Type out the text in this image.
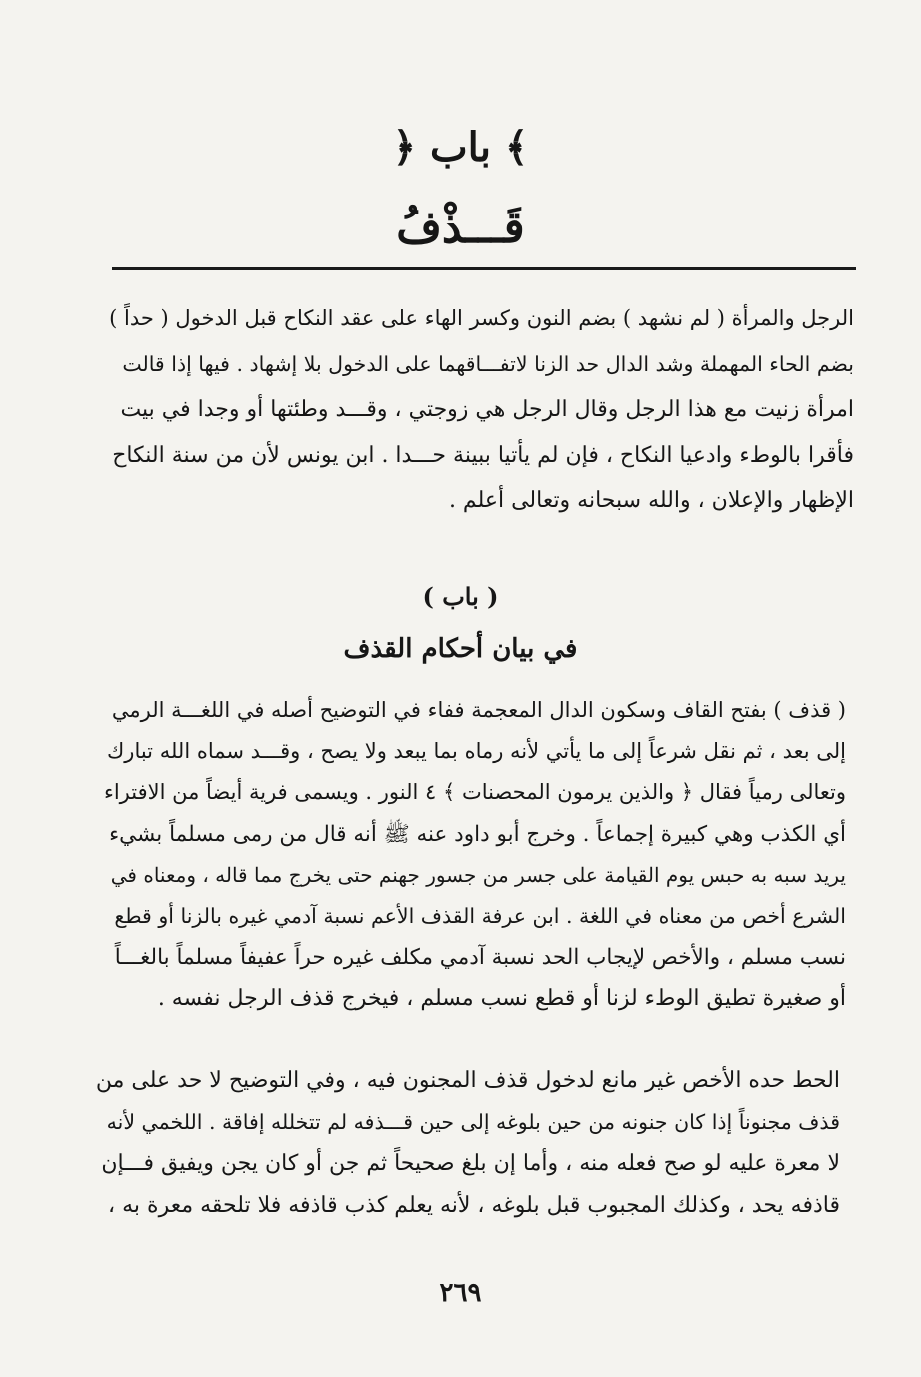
﴿ باب ﴾
قَـــذْفُ

الرجل والمرأة ( لم نشهد ) بضم النون وكسر الهاء على عقد النكاح قبل الدخول ( حداً )
بضم الحاء المهملة وشد الدال حد الزنا لاتفـــاقهما على الدخول بلا إشهاد . فيها إذا قالت
امرأة زنيت مع هذا الرجل وقال الرجل هي زوجتي ، وقـــد وطئتها أو وجدا في بيت
فأقرا بالوطء وادعيا النكاح ، فإن لم يأتيا ببينة حـــدا . ابن يونس لأن من سنة النكاح
الإظهار والإعلان ، والله سبحانه وتعالى أعلم .

( باب )
في بيان أحكام القذف

( قذف ) بفتح القاف وسكون الدال المعجمة ففاء في التوضيح أصله في اللغـــة الرمي
إلى بعد ، ثم نقل شرعاً إلى ما يأتي لأنه رماه بما يبعد ولا يصح ، وقـــد سماه الله تبارك
وتعالى رمياً فقال ﴿ والذين يرمون المحصنات ﴾ ٤ النور . ويسمى فرية أيضاً من الافتراء
أي الكذب وهي كبيرة إجماعاً . وخرج أبو داود عنه ﷺ أنه قال من رمى مسلماً بشيء
يريد سبه به حبس يوم القيامة على جسر من جسور جهنم حتى يخرج مما قاله ، ومعناه في
الشرع أخص من معناه في اللغة . ابن عرفة القذف الأعم نسبة آدمي غيره بالزنا أو قطع
نسب مسلم ، والأخص لإيجاب الحد نسبة آدمي مكلف غيره حراً عفيفاً مسلماً بالغـــاً
أو صغيرة تطيق الوطء لزنا أو قطع نسب مسلم ، فيخرج قذف الرجل نفسه .

الحط حده الأخص غير مانع لدخول قذف المجنون فيه ، وفي التوضيح لا حد على من
قذف مجنوناً إذا كان جنونه من حين بلوغه إلى حين قـــذفه لم تتخلله إفاقة . اللخمي لأنه
لا معرة عليه لو صح فعله منه ، وأما إن بلغ صحيحاً ثم جن أو كان يجن ويفيق فـــإن
قاذفه يحد ، وكذلك المجبوب قبل بلوغه ، لأنه يعلم كذب قاذفه فلا تلحقه معرة به ،

٢٦٩
